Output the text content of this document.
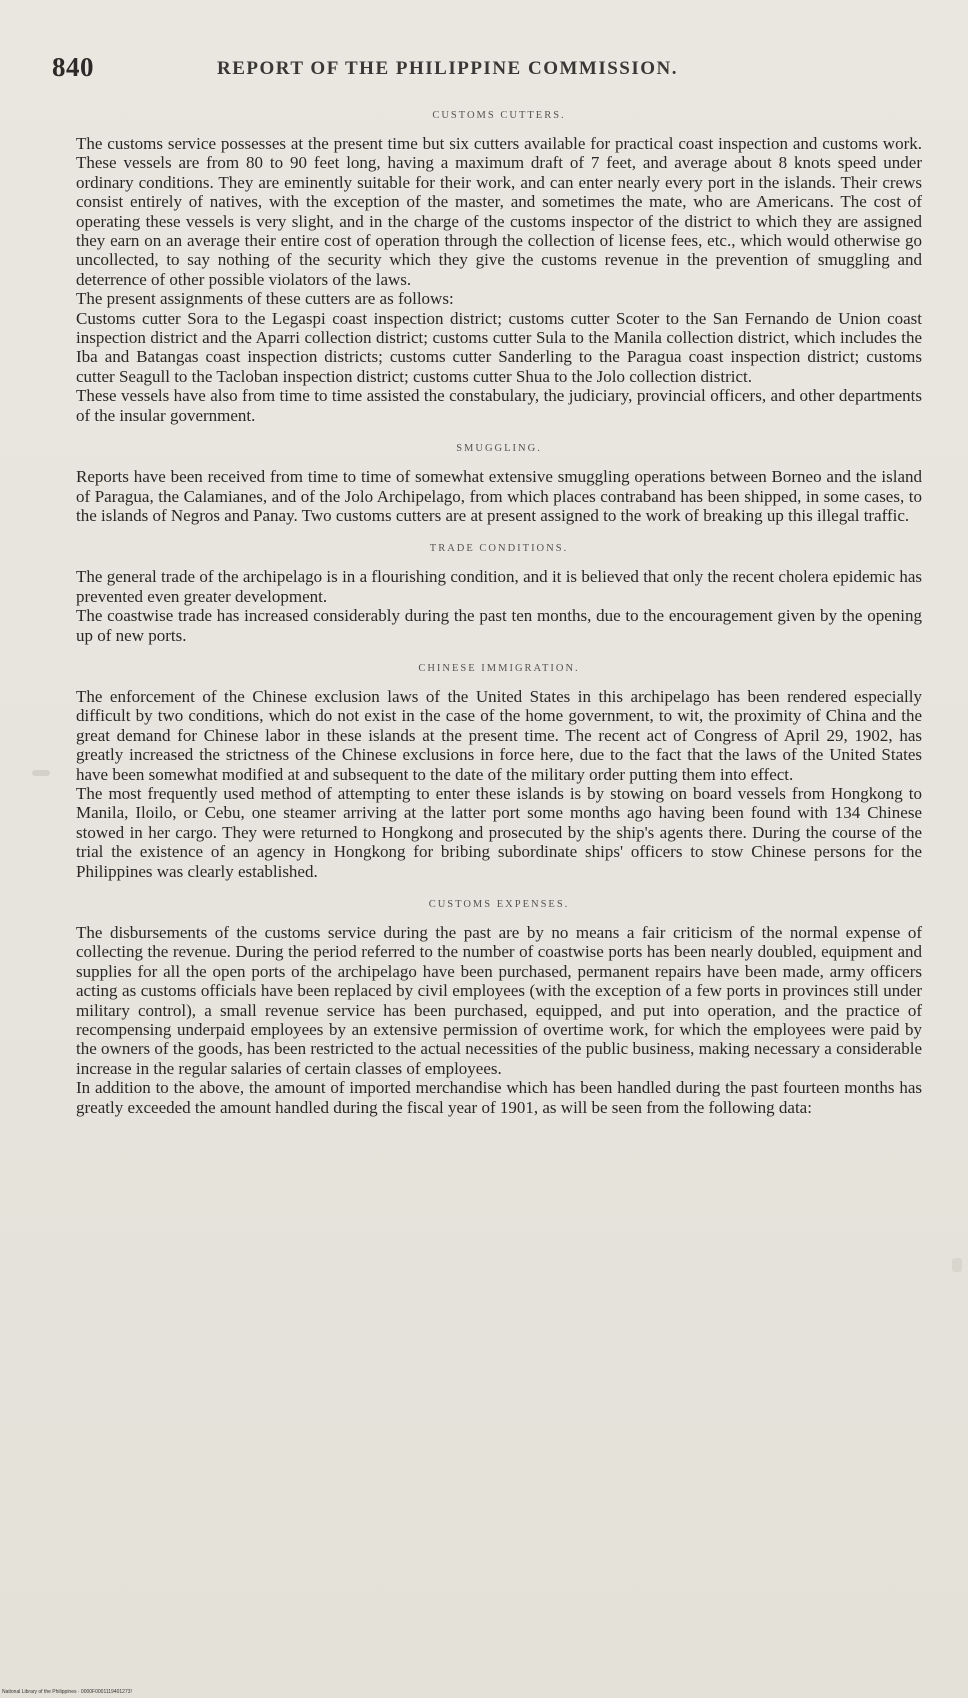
840	REPORT OF THE PHILIPPINE COMMISSION.
CUSTOMS CUTTERS.

The customs service possesses at the present time but six cutters available for practical coast inspection and customs work. These vessels are from 80 to 90 feet long, having a maximum draft of 7 feet, and average about 8 knots speed under ordinary conditions. They are eminently suitable for their work, and can enter nearly every port in the islands. Their crews consist entirely of natives, with the exception of the master, and sometimes the mate, who are Americans. The cost of operating these vessels is very slight, and in the charge of the customs inspector of the district to which they are assigned they earn on an average their entire cost of operation through the collection of license fees, etc., which would otherwise go uncollected, to say nothing of the security which they give the customs revenue in the prevention of smuggling and deterrence of other possible violators of the laws.

The present assignments of these cutters are as follows:

Customs cutter Sora to the Legaspi coast inspection district; customs cutter Scoter to the San Fernando de Union coast inspection district and the Aparri collection district; customs cutter Sula to the Manila collection district, which includes the Iba and Batangas coast inspection districts; customs cutter Sanderling to the Paragua coast inspection district; customs cutter Seagull to the Tacloban inspection district; customs cutter Shua to the Jolo collection district.

These vessels have also from time to time assisted the constabulary, the judiciary, provincial officers, and other departments of the insular government.

SMUGGLING.

Reports have been received from time to time of somewhat extensive smuggling operations between Borneo and the island of Paragua, the Calamianes, and of the Jolo Archipelago, from which places contraband has been shipped, in some cases, to the islands of Negros and Panay. Two customs cutters are at present assigned to the work of breaking up this illegal traffic.

TRADE CONDITIONS.

The general trade of the archipelago is in a flourishing condition, and it is believed that only the recent cholera epidemic has prevented even greater development.

The coastwise trade has increased considerably during the past ten months, due to the encouragement given by the opening up of new ports.

CHINESE IMMIGRATION.

The enforcement of the Chinese exclusion laws of the United States in this archipelago has been rendered especially difficult by two conditions, which do not exist in the case of the home government, to wit, the proximity of China and the great demand for Chinese labor in these islands at the present time. The recent act of Congress of April 29, 1902, has greatly increased the strictness of the Chinese exclusions in force here, due to the fact that the laws of the United States have been somewhat modified at and subsequent to the date of the military order putting them into effect.

The most frequently used method of attempting to enter these islands is by stowing on board vessels from Hongkong to Manila, Iloilo, or Cebu, one steamer arriving at the latter port some months ago having been found with 134 Chinese stowed in her cargo. They were returned to Hongkong and prosecuted by the ship's agents there. During the course of the trial the existence of an agency in Hongkong for bribing subordinate ships' officers to stow Chinese persons for the Philippines was clearly established.

CUSTOMS EXPENSES.

The disbursements of the customs service during the past are by no means a fair criticism of the normal expense of collecting the revenue. During the period referred to the number of coastwise ports has been nearly doubled, equipment and supplies for all the open ports of the archipelago have been purchased, permanent repairs have been made, army officers acting as customs officials have been replaced by civil employees (with the exception of a few ports in provinces still under military control), a small revenue service has been purchased, equipped, and put into operation, and the practice of recompensing underpaid employees by an extensive permission of overtime work, for which the employees were paid by the owners of the goods, has been restricted to the actual necessities of the public business, making necessary a considerable increase in the regular salaries of certain classes of employees.

In addition to the above, the amount of imported merchandise which has been handled during the past fourteen months has greatly exceeded the amount handled during the fiscal year of 1901, as will be seen from the following data:

National Library of the Philippines · 0000F0001119401273!
